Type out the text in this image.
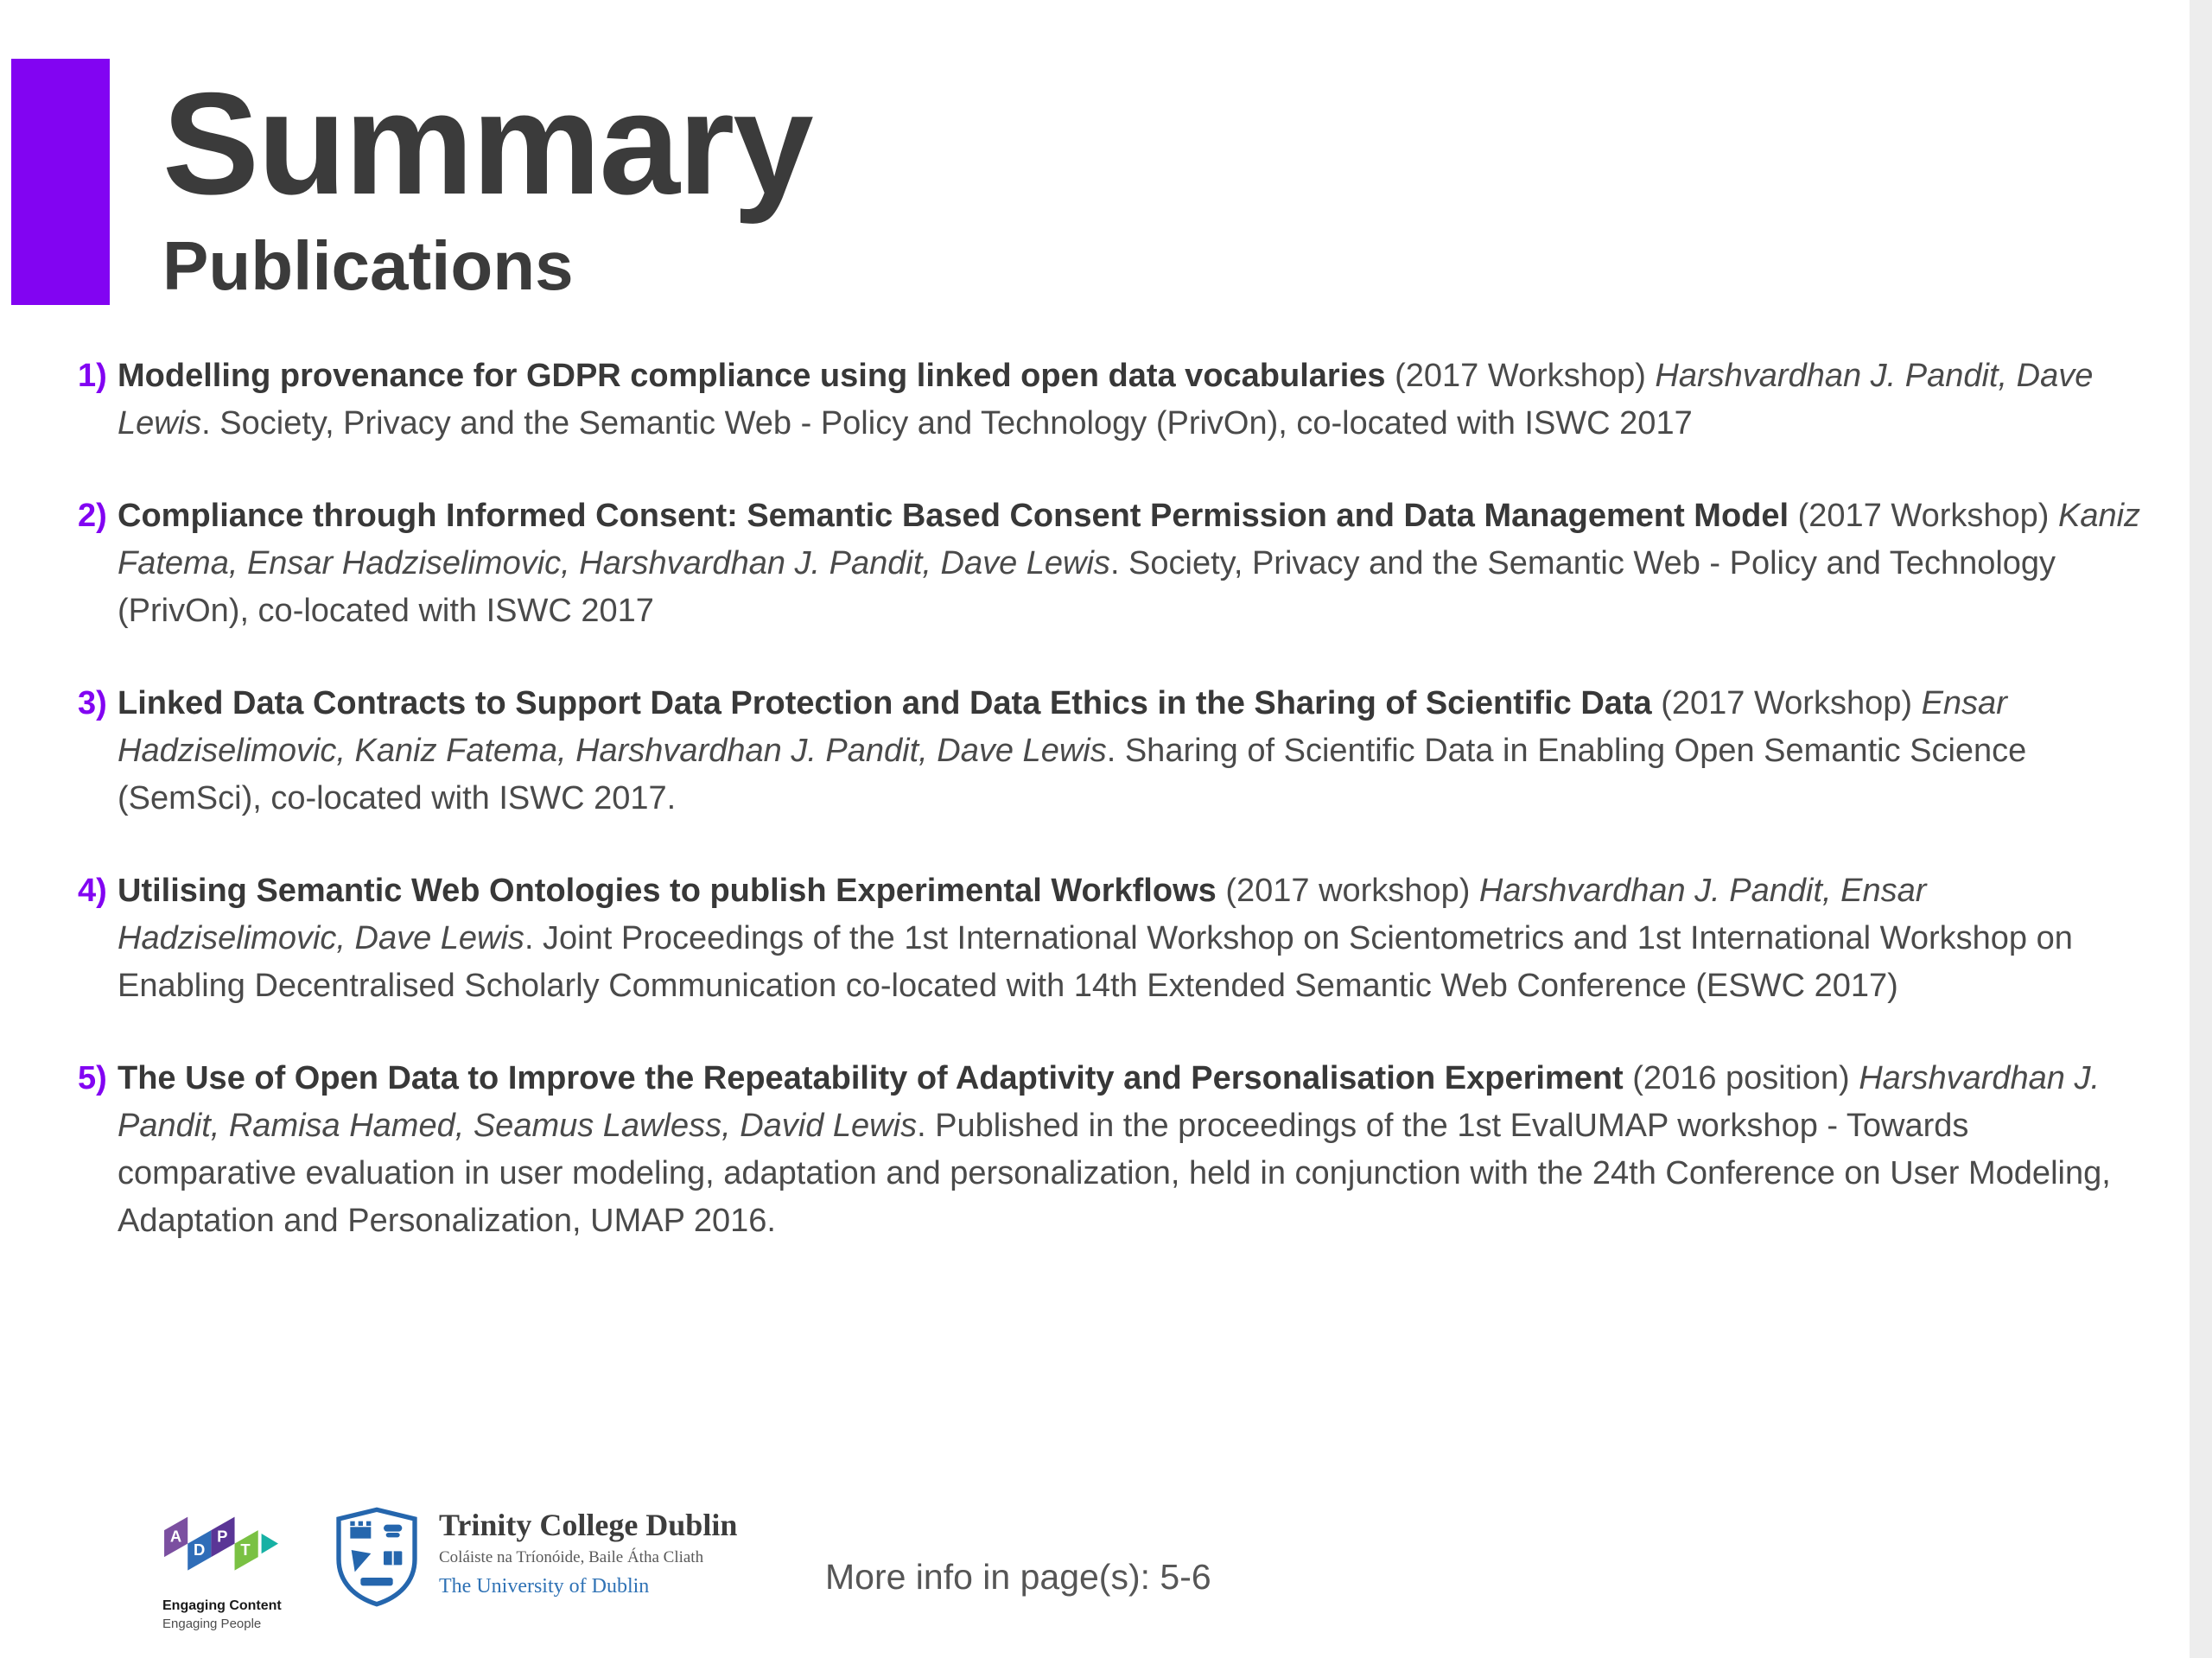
Summary
Publications
1) Modelling provenance for GDPR compliance using linked open data vocabularies (2017 Workshop) Harshvardhan J. Pandit, Dave Lewis. Society, Privacy and the Semantic Web - Policy and Technology (PrivOn), co-located with ISWC 2017
2) Compliance through Informed Consent: Semantic Based Consent Permission and Data Management Model (2017 Workshop) Kaniz Fatema, Ensar Hadziselimovic, Harshvardhan J. Pandit, Dave Lewis. Society, Privacy and the Semantic Web - Policy and Technology (PrivOn), co-located with ISWC 2017
3) Linked Data Contracts to Support Data Protection and Data Ethics in the Sharing of Scientific Data (2017 Workshop) Ensar Hadziselimovic, Kaniz Fatema, Harshvardhan J. Pandit, Dave Lewis. Sharing of Scientific Data in Enabling Open Semantic Science (SemSci), co-located with ISWC 2017.
4) Utilising Semantic Web Ontologies to publish Experimental Workflows (2017 workshop) Harshvardhan J. Pandit, Ensar Hadziselimovic, Dave Lewis. Joint Proceedings of the 1st International Workshop on Scientometrics and 1st International Workshop on Enabling Decentralised Scholarly Communication co-located with 14th Extended Semantic Web Conference (ESWC 2017)
5) The Use of Open Data to Improve the Repeatability of Adaptivity and Personalisation Experiment (2016 position) Harshvardhan J. Pandit, Ramisa Hamed, Seamus Lawless, David Lewis. Published in the proceedings of the 1st EvalUMAP workshop - Towards comparative evaluation in user modeling, adaptation and personalization, held in conjunction with the 24th Conference on User Modeling, Adaptation and Personalization, UMAP 2016.
A
D
P
T
Engaging Content
Engaging People
Trinity College Dublin
Coláiste na Tríonóide, Baile Átha Cliath
The University of Dublin	More info in page(s): 5-6
